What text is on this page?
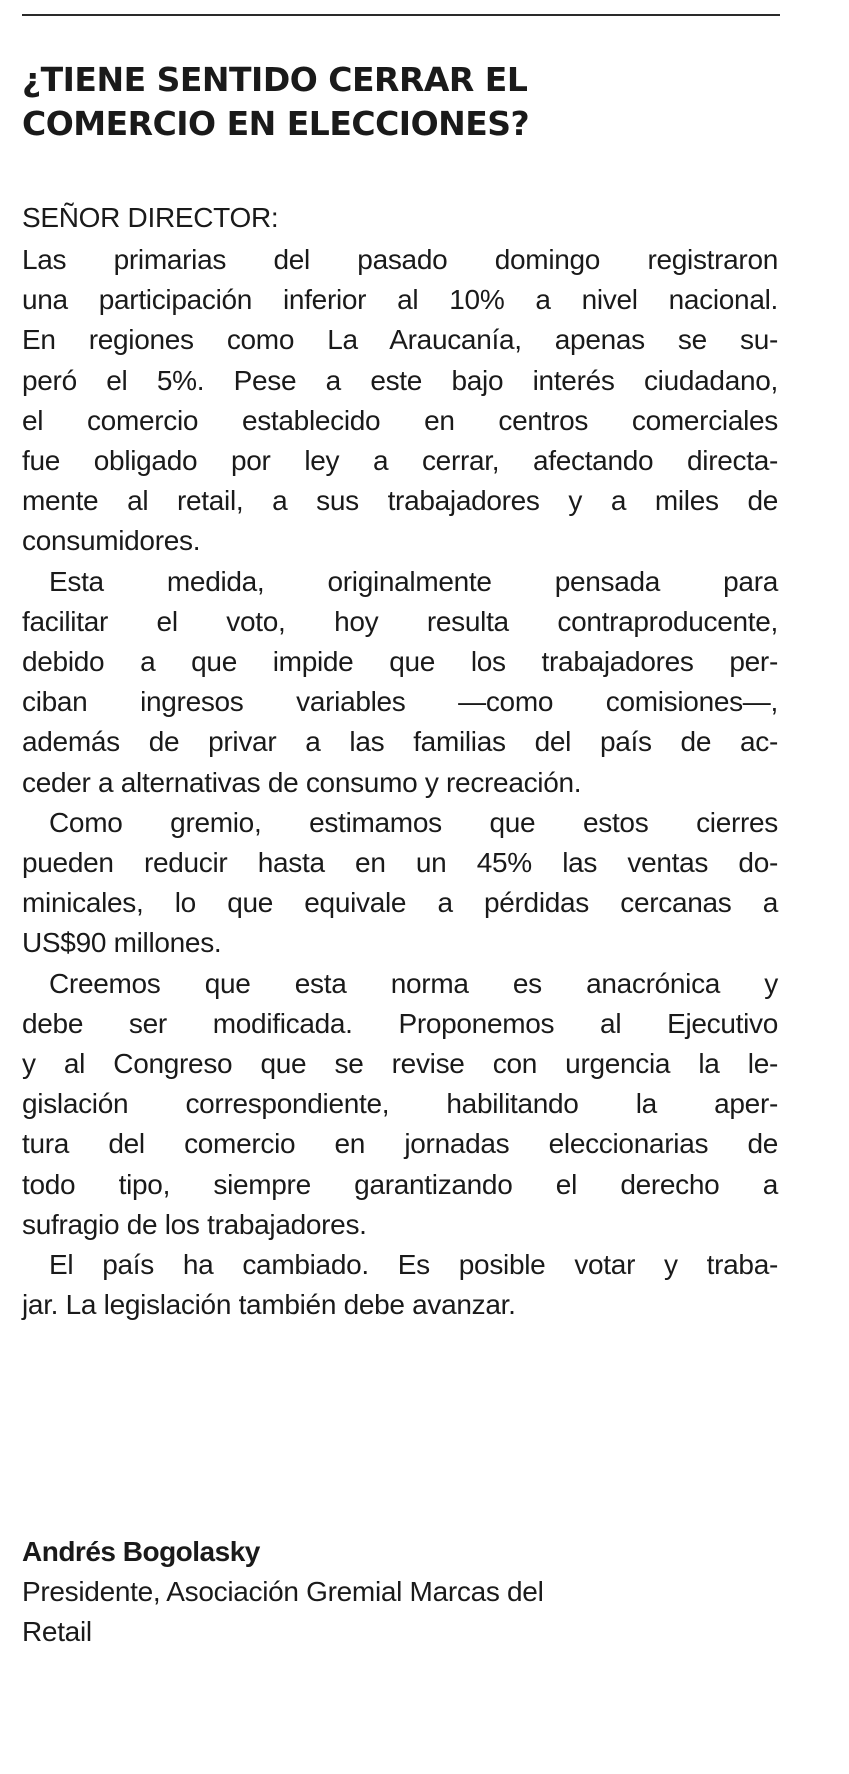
¿TIENE SENTIDO CERRAR EL
COMERCIO EN ELECCIONES?

SEÑOR DIRECTOR:

Las primarias del pasado domingo registraron
una participación inferior al 10% a nivel nacional.
En regiones como La Araucanía, apenas se su-
peró el 5%. Pese a este bajo interés ciudadano,
el comercio establecido en centros comerciales
fue obligado por ley a cerrar, afectando directa-
mente al retail, a sus trabajadores y a miles de
consumidores.

Esta medida, originalmente pensada para
facilitar el voto, hoy resulta contraproducente,
debido a que impide que los trabajadores per-
ciban ingresos variables —como comisiones—,
además de privar a las familias del país de ac-
ceder a alternativas de consumo y recreación.

Como gremio, estimamos que estos cierres
pueden reducir hasta en un 45% las ventas do-
minicales, lo que equivale a pérdidas cercanas a
US$90 millones.

Creemos que esta norma es anacrónica y
debe ser modificada. Proponemos al Ejecutivo
y al Congreso que se revise con urgencia la le-
gislación correspondiente, habilitando la aper-
tura del comercio en jornadas eleccionarias de
todo tipo, siempre garantizando el derecho a
sufragio de los trabajadores.

El país ha cambiado. Es posible votar y traba-
jar. La legislación también debe avanzar.

Andrés Bogolasky

Presidente, Asociación Gremial Marcas del
Retail
